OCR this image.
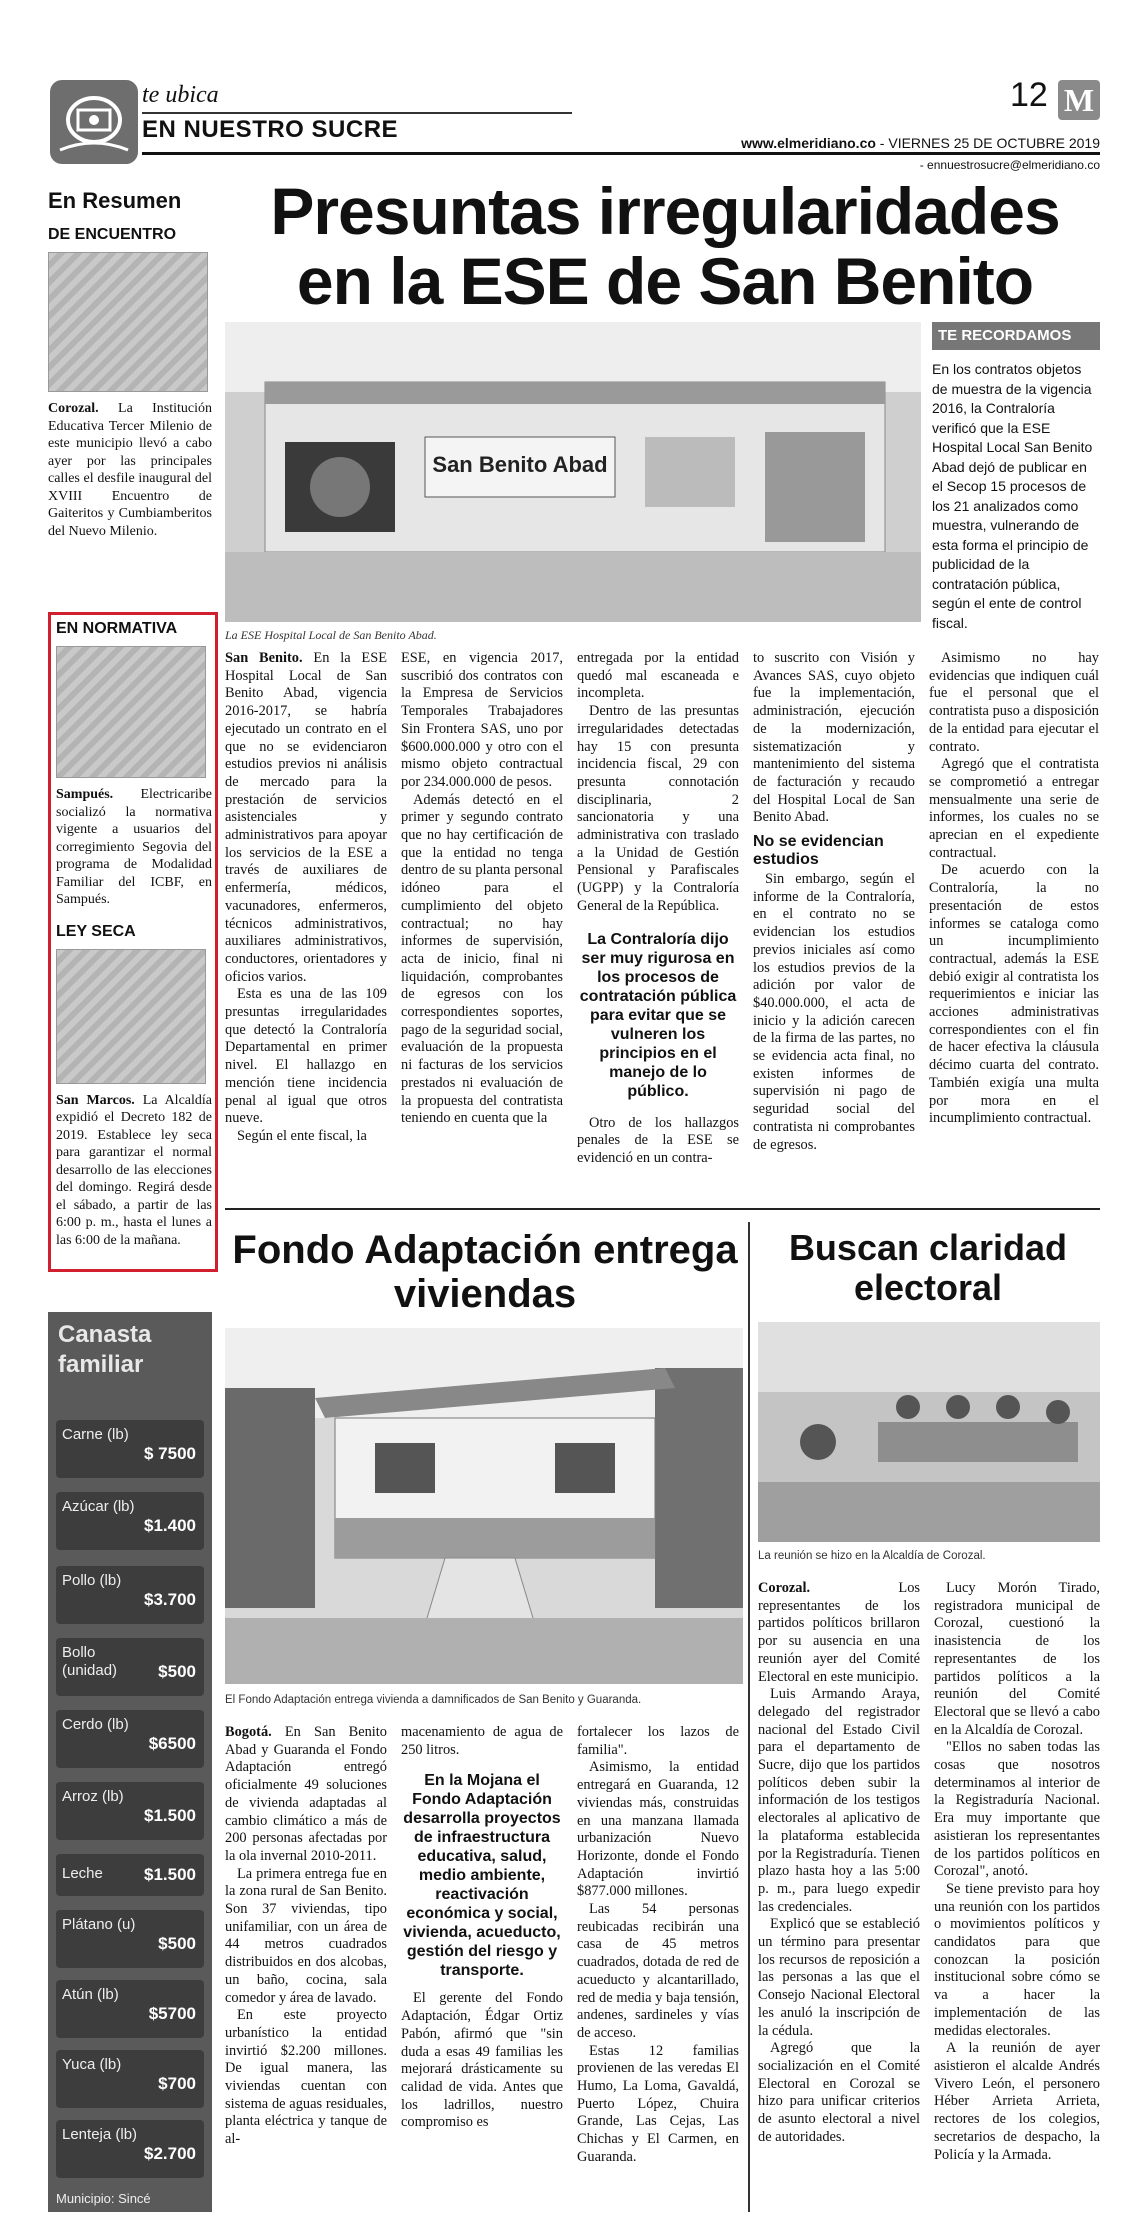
te ubica
EN NUESTRO SUCRE
12 M
www.elmeridiano.co - VIERNES 25 DE OCTUBRE 2019
- ennuestrosucre@elmeridiano.co
En Resumen
DE ENCUENTRO
Corozal. La Institución Educativa Tercer Milenio de este municipio llevó a cabo ayer por las principales calles el desfile inaugural del XVIII Encuentro de Gaiteritos y Cumbiamberitos del Nuevo Milenio.
EN NORMATIVA
Sampués. Electricaribe socializó la normativa vigente a usuarios del corregimiento Segovia del programa de Modalidad Familiar del ICBF, en Sampués.
LEY SECA
San Marcos. La Alcaldía expidió el Decreto 182 de 2019. Establece ley seca para garantizar el normal desarrollo de las elecciones del domingo. Regirá desde el sábado, a partir de las 6:00 p. m., hasta el lunes a las 6:00 de la mañana.
Canasta familiar
Carne (lb)
$ 7500
Azúcar (lb)
$1.400
Pollo (lb)
$3.700
Bollo (unidad)	$500
Cerdo (lb)
$6500
Arroz (lb)
$1.500
Leche	$1.500
Plátano (u)
$500
Atún (lb)
$5700
Yuca (lb)
$700
Lenteja (lb)
$2.700
Municipio: Sincé
Presuntas irregularidades en la ESE de San Benito
San Benito Abad
La ESE Hospital Local de San Benito Abad.
TE RECORDAMOS
En los contratos objetos de muestra de la vigencia 2016, la Contraloría verificó que la ESE Hospital Local San Benito Abad dejó de publicar en el Secop 15 procesos de los 21 analizados como muestra, vulnerando de esta forma el principio de publicidad de la contratación pública, según el ente de control fiscal.

San Benito. En la ESE Hospital Local de San Benito Abad, vigencia 2016-2017, se habría ejecutado un contrato en el que no se evidenciaron estudios previos ni análisis de mercado para la prestación de servicios asistenciales y administrativos para apoyar los servicios de la ESE a través de auxiliares de enfermería, médicos, vacunadores, enfermeros, técnicos administrativos, auxiliares administrativos, conductores, orientadores y oficios varios.

Esta es una de las 109 presuntas irregularidades que detectó la Contraloría Departamental en primer nivel. El hallazgo en mención tiene incidencia penal al igual que otros nueve.

Según el ente fiscal, la

ESE, en vigencia 2017, suscribió dos contratos con la Empresa de Servicios Temporales Trabajadores Sin Frontera SAS, uno por $600.000.000 y otro con el mismo objeto contractual por 234.000.000 de pesos.

Además detectó en el primer y segundo contrato que no hay certificación de que la entidad no tenga dentro de su planta personal idóneo para el cumplimiento del objeto contractual; no hay informes de supervisión, acta de inicio, final ni liquidación, comprobantes de egresos con los correspondientes soportes, pago de la seguridad social, evaluación de la propuesta ni facturas de los servicios prestados ni evaluación de la propuesta del contratista teniendo en cuenta que la

entregada por la entidad quedó mal escaneada e incompleta.

Dentro de las presuntas irregularidades detectadas hay 15 con presunta incidencia fiscal, 29 con presunta connotación disciplinaria, 2 sancionatoria y una administrativa con traslado a la Unidad de Gestión Pensional y Parafiscales (UGPP) y la Contraloría General de la República.

La Contraloría dijo ser muy rigurosa en los procesos de contratación pública para evitar que se vulneren los principios en el manejo de lo público.

Otro de los hallazgos penales de la ESE se evidenció en un contra-

to suscrito con Visión y Avances SAS, cuyo objeto fue la implementación, administración, ejecución de la modernización, sistematización y mantenimiento del sistema de facturación y recaudo del Hospital Local de San Benito Abad.

No se evidencian estudios

Sin embargo, según el informe de la Contraloría, en el contrato no se evidencian los estudios previos iniciales así como los estudios previos de la adición por valor de $40.000.000, el acta de inicio y la adición carecen de la firma de las partes, no se evidencia acta final, no existen informes de supervisión ni pago de seguridad social del contratista ni comprobantes de egresos.

Asimismo no hay evidencias que indiquen cuál fue el personal que el contratista puso a disposición de la entidad para ejecutar el contrato.

Agregó que el contratista se comprometió a entregar mensualmente una serie de informes, los cuales no se aprecian en el expediente contractual.

De acuerdo con la Contraloría, la no presentación de estos informes se cataloga como un incumplimiento contractual, además la ESE debió exigir al contratista los requerimientos e iniciar las acciones administrativas correspondientes con el fin de hacer efectiva la cláusula décimo cuarta del contrato. También exigía una multa por mora en el incumplimiento contractual.

Fondo Adaptación entrega viviendas
El Fondo Adaptación entrega vivienda a damnificados de San Benito y Guaranda.

Bogotá. En San Benito Abad y Guaranda el Fondo Adaptación entregó oficialmente 49 soluciones de vivienda adaptadas al cambio climático a más de 200 personas afectadas por la ola invernal 2010-2011.

La primera entrega fue en la zona rural de San Benito. Son 37 viviendas, tipo unifamiliar, con un área de 44 metros cuadrados distribuidos en dos alcobas, un baño, cocina, sala comedor y área de lavado.

En este proyecto urbanístico la entidad invirtió $2.200 millones. De igual manera, las viviendas cuentan con sistema de aguas residuales, planta eléctrica y tanque de al-

macenamiento de agua de 250 litros.

En la Mojana el Fondo Adaptación desarrolla proyectos de infraestructura educativa, salud, medio ambiente, reactivación económica y social, vivienda, acueducto, gestión del riesgo y transporte.

El gerente del Fondo Adaptación, Édgar Ortiz Pabón, afirmó que "sin duda a esas 49 familias les mejorará drásticamente su calidad de vida. Antes que los ladrillos, nuestro compromiso es

fortalecer los lazos de familia".

Asimismo, la entidad entregará en Guaranda, 12 viviendas más, construidas en una manzana llamada urbanización Nuevo Horizonte, donde el Fondo Adaptación invirtió $877.000 millones.

Las 54 personas reubicadas recibirán una casa de 45 metros cuadrados, dotada de red de acueducto y alcantarillado, red de media y baja tensión, andenes, sardineles y vías de acceso.

Estas 12 familias provienen de las veredas El Humo, La Loma, Gavaldá, Puerto López, Chuira Grande, Las Cejas, Las Chichas y El Carmen, en Guaranda.

Buscan claridad electoral
La reunión se hizo en la Alcaldía de Corozal.

Corozal.	Los representantes de los partidos políticos brillaron por su ausencia en una reunión ayer del Comité Electoral en este municipio.

Luis Armando Araya, delegado del registrador nacional del Estado Civil para el departamento de Sucre, dijo que los partidos políticos deben subir la información de los testigos electorales al aplicativo de la plataforma establecida por la Registraduría. Tienen plazo hasta hoy a las 5:00 p. m., para luego expedir las credenciales.

Explicó que se estableció un término para presentar los recursos de reposición a las personas a las que el Consejo Nacional Electoral les anuló la inscripción de la cédula.

Agregó que la socialización en el Comité Electoral en Corozal se hizo para unificar criterios de asunto electoral a nivel de autoridades.

Lucy Morón Tirado, registradora municipal de Corozal, cuestionó la inasistencia de los representantes de los partidos políticos a la reunión del Comité Electoral que se llevó a cabo en la Alcaldía de Corozal.

"Ellos no saben todas las cosas que nosotros determinamos al interior de la Registraduría Nacional. Era muy importante que asistieran los representantes de los partidos políticos en Corozal", anotó.

Se tiene previsto para hoy una reunión con los partidos o movimientos políticos y candidatos para que conozcan la posición institucional sobre cómo se va a hacer la implementación de las medidas electorales.

A la reunión de ayer asistieron el alcalde Andrés Vivero León, el personero Héber Arrieta Arrieta, rectores de los colegios, secretarios de despacho, la Policía y la Armada.
